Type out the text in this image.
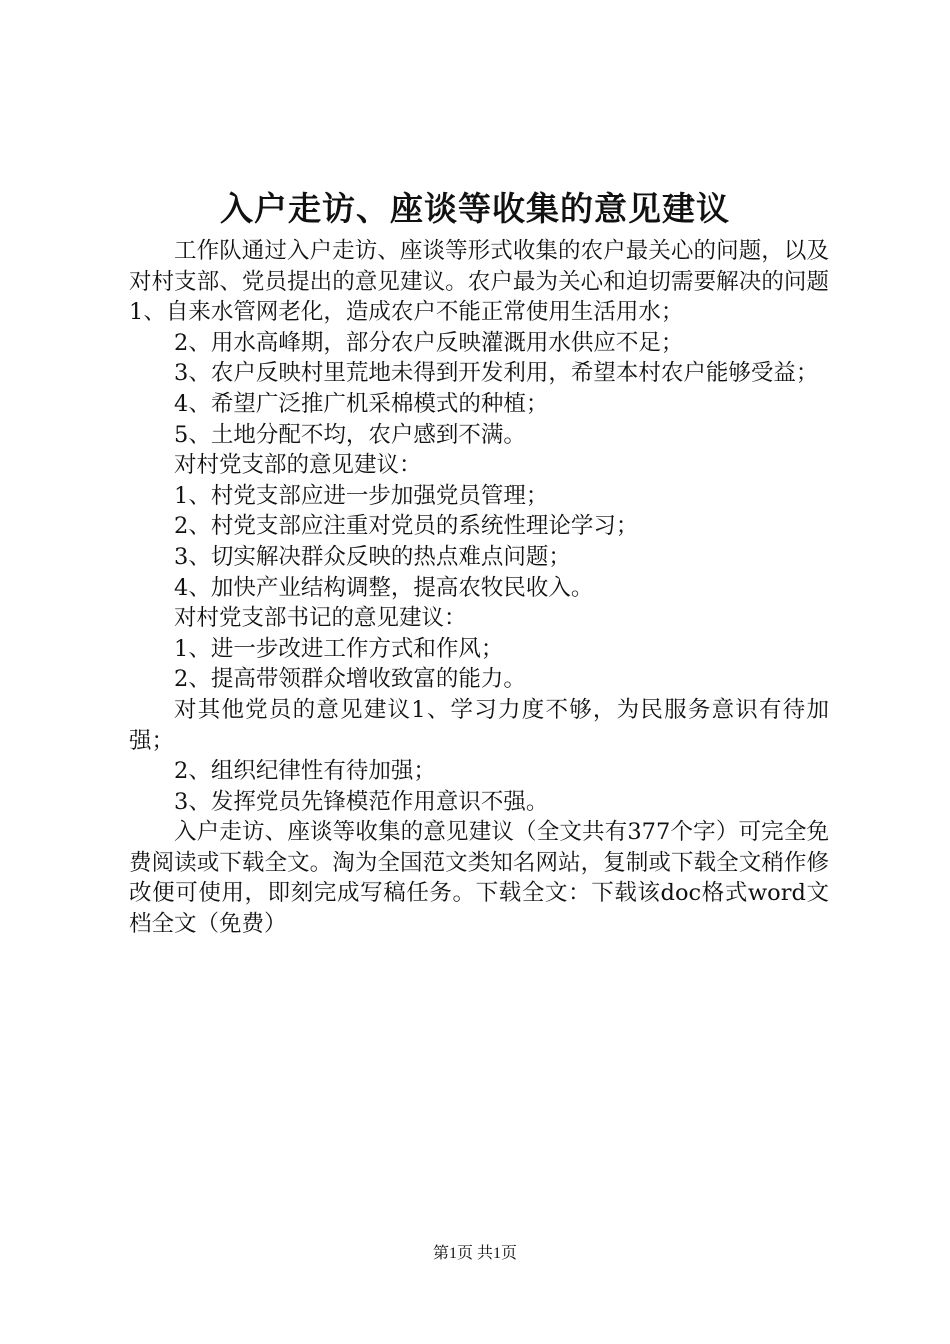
入户走访、座谈等收集的意见建议

工作队通过入户走访、座谈等形式收集的农户最关心的问题，以及对村支部、党员提出的意见建议。农户最为关心和迫切需要解决的问题1、自来水管网老化，造成农户不能正常使用生活用水；

2、用水高峰期，部分农户反映灌溉用水供应不足；

3、农户反映村里荒地未得到开发利用，希望本村农户能够受益；

4、希望广泛推广机采棉模式的种植；

5、土地分配不均，农户感到不满。

对村党支部的意见建议：

1、村党支部应进一步加强党员管理；

2、村党支部应注重对党员的系统性理论学习；

3、切实解决群众反映的热点难点问题；

4、加快产业结构调整，提高农牧民收入。

对村党支部书记的意见建议：

1、进一步改进工作方式和作风；

2、提高带领群众增收致富的能力。

对其他党员的意见建议1、学习力度不够，为民服务意识有待加强；

2、组织纪律性有待加强；

3、发挥党员先锋模范作用意识不强。

入户走访、座谈等收集的意见建议（全文共有377个字）可完全免费阅读或下载全文。淘为全国范文类知名网站，复制或下载全文稍作修改便可使用，即刻完成写稿任务。下载全文：下载该doc格式word文档全文（免费）

第1页 共1页
